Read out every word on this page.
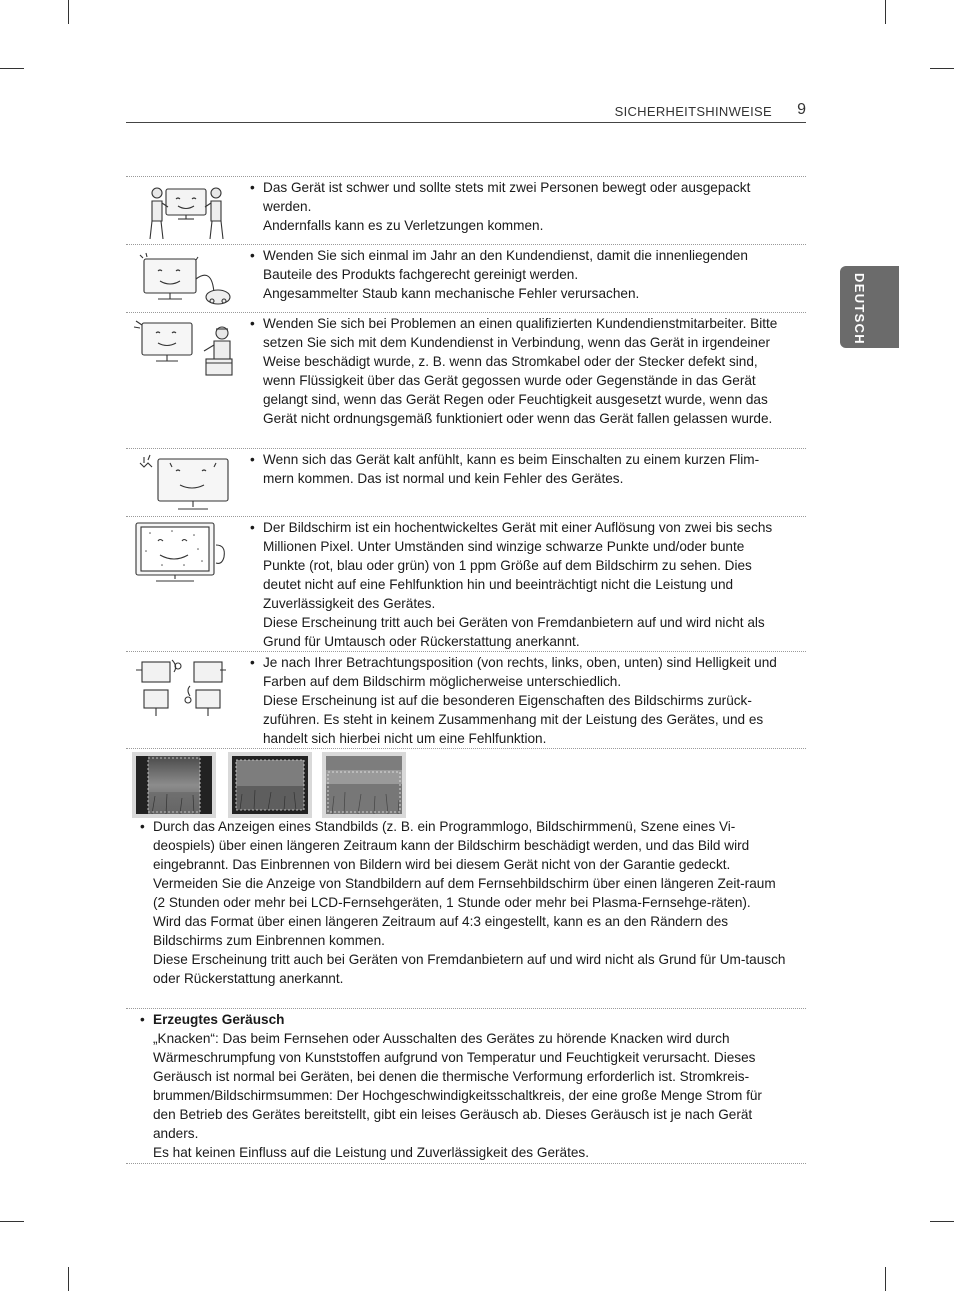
SICHERHEITSHINWEISE 9
DEUTSCH
• Das Gerät ist schwer und sollte stets mit zwei Personen bewegt oder ausgepackt werden.

Andernfalls kann es zu Verletzungen kommen.

• Wenden Sie sich einmal im Jahr an den Kundendienst, damit die innenliegenden Bauteile des Produkts fachgerecht gereinigt werden.

Angesammelter Staub kann mechanische Fehler verursachen.

• Wenden Sie sich bei Problemen an einen qualifizierten Kundendienstmitarbeiter. Bitte setzen Sie sich mit dem Kundendienst in Verbindung, wenn das Gerät in irgendeiner Weise beschädigt wurde, z. B. wenn das Stromkabel oder der Stecker defekt sind, wenn Flüssigkeit über das Gerät gegossen wurde oder Gegenstände in das Gerät gelangt sind, wenn das Gerät Regen oder Feuchtigkeit ausgesetzt wurde, wenn das Gerät nicht ordnungsgemäß funktioniert oder wenn das Gerät fallen gelassen wurde.

• Wenn sich das Gerät kalt anfühlt, kann es beim Einschalten zu einem kurzen Flim-mern kommen. Das ist normal und kein Fehler des Gerätes.

• Der Bildschirm ist ein hochentwickeltes Gerät mit einer Auflösung von zwei bis sechs Millionen Pixel. Unter Umständen sind winzige schwarze Punkte und/oder bunte Punkte (rot, blau oder grün) von 1 ppm Größe auf dem Bildschirm zu sehen. Dies deutet nicht auf eine Fehlfunktion hin und beeinträchtigt nicht die Leistung und Zuverlässigkeit des Gerätes.

Diese Erscheinung tritt auch bei Geräten von Fremdanbietern auf und wird nicht als Grund für Umtausch oder Rückerstattung anerkannt.

• Je nach Ihrer Betrachtungsposition (von rechts, links, oben, unten) sind Helligkeit und Farben auf dem Bildschirm möglicherweise unterschiedlich.

Diese Erscheinung ist auf die besonderen Eigenschaften des Bildschirms zurück-zuführen. Es steht in keinem Zusammenhang mit der Leistung des Gerätes, und es handelt sich hierbei nicht um eine Fehlfunktion.

• Durch das Anzeigen eines Standbilds (z. B. ein Programmlogo, Bildschirmmenü, Szene eines Vi-deospiels) über einen längeren Zeitraum kann der Bildschirm beschädigt werden, und das Bild wird eingebrannt. Das Einbrennen von Bildern wird bei diesem Gerät nicht von der Garantie gedeckt. Vermeiden Sie die Anzeige von Standbildern auf dem Fernsehbildschirm über einen längeren Zeit-raum (2 Stunden oder mehr bei LCD-Fernsehgeräten, 1 Stunde oder mehr bei Plasma-Fernsehge-räten).

Wird das Format über einen längeren Zeitraum auf 4:3 eingestellt, kann es an den Rändern des Bildschirms zum Einbrennen kommen.

Diese Erscheinung tritt auch bei Geräten von Fremdanbietern auf und wird nicht als Grund für Um-tausch oder Rückerstattung anerkannt.

• Erzeugtes Geräusch

„Knacken“: Das beim Fernsehen oder Ausschalten des Gerätes zu hörende Knacken wird durch Wärmeschrumpfung von Kunststoffen aufgrund von Temperatur und Feuchtigkeit verursacht. Dieses Geräusch ist normal bei Geräten, bei denen die thermische Verformung erforderlich ist. Stromkreis-brummen/Bildschirmsummen: Der Hochgeschwindigkeitsschaltkreis, der eine große Menge Strom für den Betrieb des Gerätes bereitstellt, gibt ein leises Geräusch ab. Dieses Geräusch ist je nach Gerät anders.

Es hat keinen Einfluss auf die Leistung und Zuverlässigkeit des Gerätes.
